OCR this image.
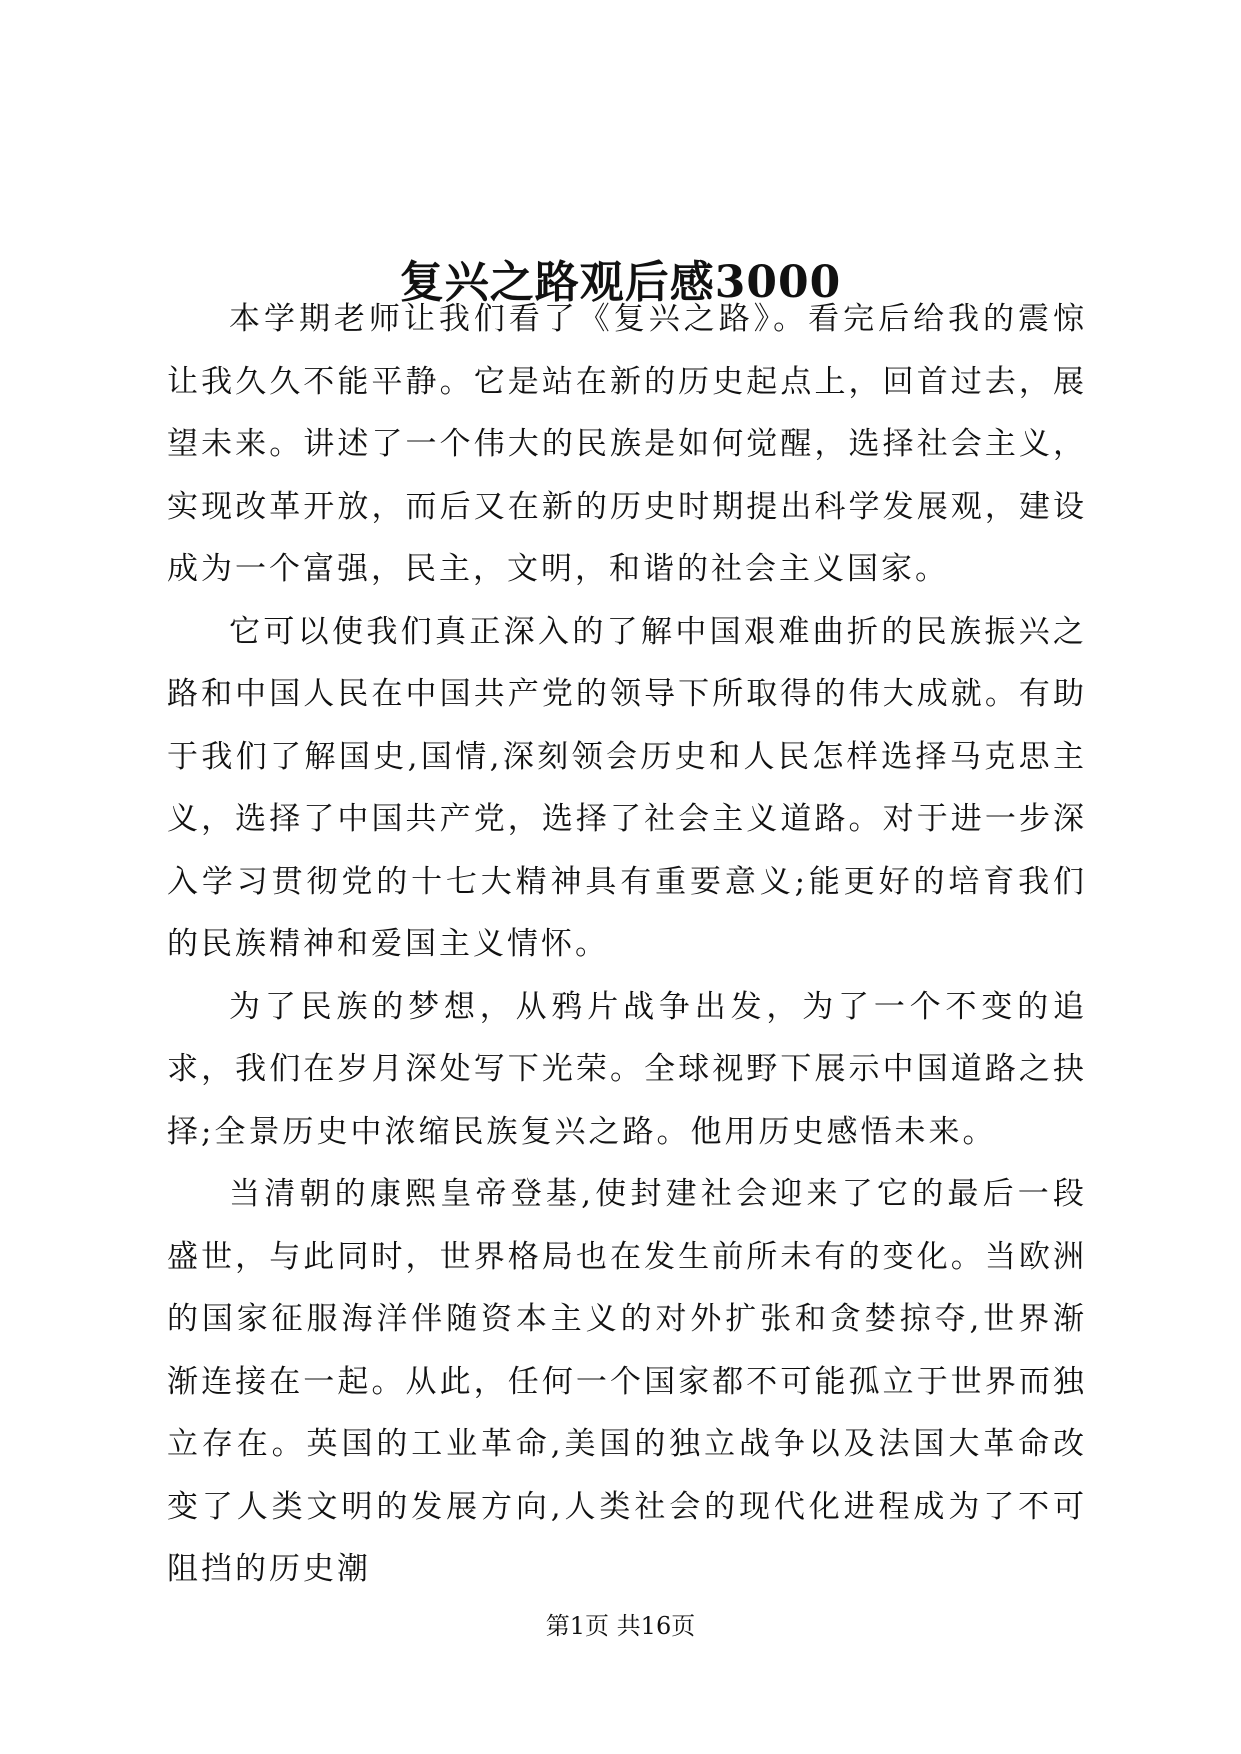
复兴之路观后感3000

本学期老师让我们看了《复兴之路》。看完后给我的震惊让我久久不能平静。它是站在新的历史起点上，回首过去，展望未来。讲述了一个伟大的民族是如何觉醒，选择社会主义，实现改革开放，而后又在新的历史时期提出科学发展观，建设成为一个富强，民主，文明，和谐的社会主义国家。

它可以使我们真正深入的了解中国艰难曲折的民族振兴之路和中国人民在中国共产党的领导下所取得的伟大成就。有助于我们了解国史,国情,深刻领会历史和人民怎样选择马克思主义，选择了中国共产党，选择了社会主义道路。对于进一步深入学习贯彻党的十七大精神具有重要意义;能更好的培育我们的民族精神和爱国主义情怀。

为了民族的梦想，从鸦片战争出发，为了一个不变的追求，我们在岁月深处写下光荣。全球视野下展示中国道路之抉择;全景历史中浓缩民族复兴之路。他用历史感悟未来。

当清朝的康熙皇帝登基,使封建社会迎来了它的最后一段盛世，与此同时，世界格局也在发生前所未有的变化。当欧洲的国家征服海洋伴随资本主义的对外扩张和贪婪掠夺,世界渐渐连接在一起。从此，任何一个国家都不可能孤立于世界而独立存在。英国的工业革命,美国的独立战争以及法国大革命改变了人类文明的发展方向,人类社会的现代化进程成为了不可阻挡的历史潮

第1页 共16页
